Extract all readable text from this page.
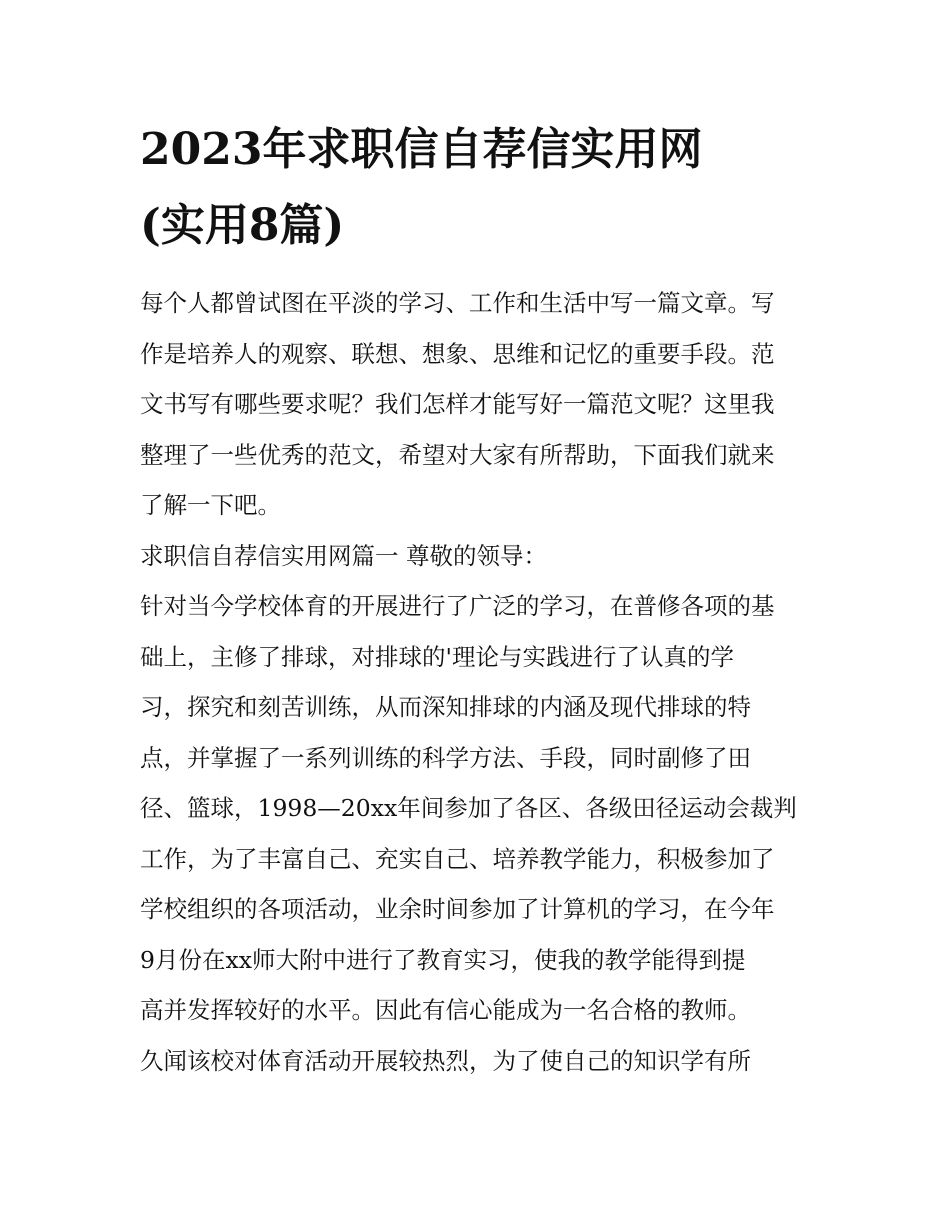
2023年求职信自荐信实用网
(实用8篇)
每个人都曾试图在平淡的学习、工作和生活中写一篇文章。写
作是培养人的观察、联想、想象、思维和记忆的重要手段。范
文书写有哪些要求呢？我们怎样才能写好一篇范文呢？这里我
整理了一些优秀的范文，希望对大家有所帮助，下面我们就来
了解一下吧。
求职信自荐信实用网篇一 尊敬的领导：
针对当今学校体育的开展进行了广泛的学习，在普修各项的基
础上，主修了排球，对排球的'理论与实践进行了认真的学
习，探究和刻苦训练，从而深知排球的内涵及现代排球的特
点，并掌握了一系列训练的科学方法、手段，同时副修了田
径、篮球，1998—20xx年间参加了各区、各级田径运动会裁判
工作，为了丰富自己、充实自己、培养教学能力，积极参加了
学校组织的各项活动，业余时间参加了计算机的学习，在今年
9月份在xx师大附中进行了教育实习，使我的教学能得到提
高并发挥较好的水平。因此有信心能成为一名合格的教师。
久闻该校对体育活动开展较热烈，为了使自己的知识学有所
